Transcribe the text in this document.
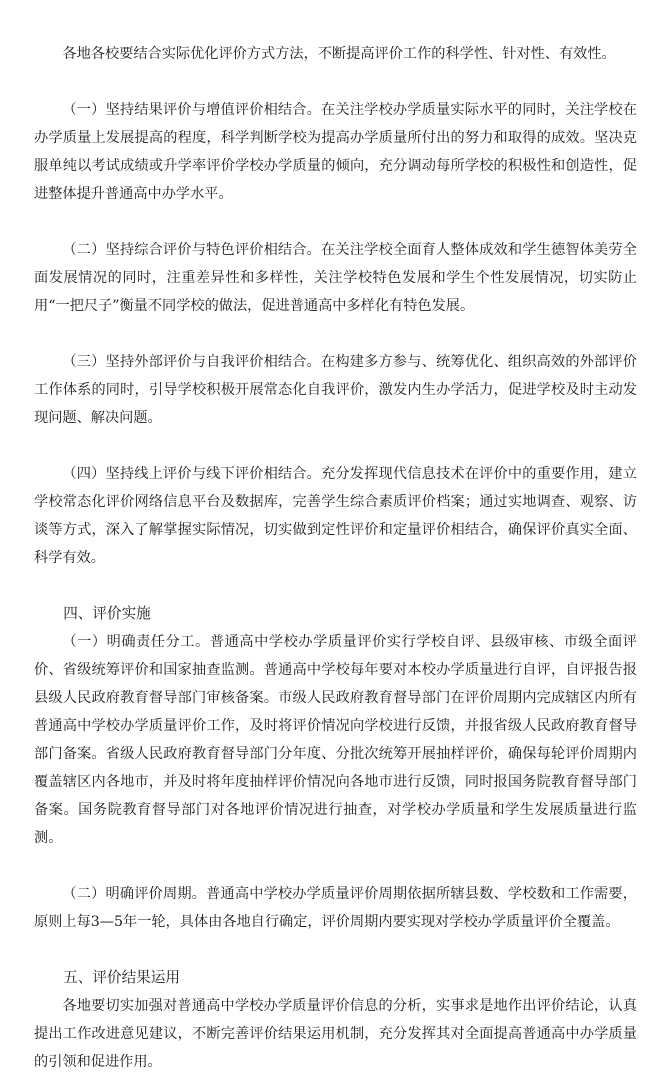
各地各校要结合实际优化评价方式方法，不断提高评价工作的科学性、针对性、有效性。

（一）坚持结果评价与增值评价相结合。在关注学校办学质量实际水平的同时，关注学校在办学质量上发展提高的程度，科学判断学校为提高办学质量所付出的努力和取得的成效。坚决克服单纯以考试成绩或升学率评价学校办学质量的倾向，充分调动每所学校的积极性和创造性，促进整体提升普通高中办学水平。

（二）坚持综合评价与特色评价相结合。在关注学校全面育人整体成效和学生德智体美劳全面发展情况的同时，注重差异性和多样性，关注学校特色发展和学生个性发展情况，切实防止用“一把尺子”衡量不同学校的做法，促进普通高中多样化有特色发展。

（三）坚持外部评价与自我评价相结合。在构建多方参与、统筹优化、组织高效的外部评价工作体系的同时，引导学校积极开展常态化自我评价，激发内生办学活力，促进学校及时主动发现问题、解决问题。

（四）坚持线上评价与线下评价相结合。充分发挥现代信息技术在评价中的重要作用，建立学校常态化评价网络信息平台及数据库，完善学生综合素质评价档案；通过实地调查、观察、访谈等方式，深入了解掌握实际情况，切实做到定性评价和定量评价相结合，确保评价真实全面、科学有效。

四、评价实施

（一）明确责任分工。普通高中学校办学质量评价实行学校自评、县级审核、市级全面评价、省级统筹评价和国家抽查监测。普通高中学校每年要对本校办学质量进行自评，自评报告报县级人民政府教育督导部门审核备案。市级人民政府教育督导部门在评价周期内完成辖区内所有普通高中学校办学质量评价工作，及时将评价情况向学校进行反馈，并报省级人民政府教育督导部门备案。省级人民政府教育督导部门分年度、分批次统筹开展抽样评价，确保每轮评价周期内覆盖辖区内各地市，并及时将年度抽样评价情况向各地市进行反馈，同时报国务院教育督导部门备案。国务院教育督导部门对各地评价情况进行抽查，对学校办学质量和学生发展质量进行监测。

（二）明确评价周期。普通高中学校办学质量评价周期依据所辖县数、学校数和工作需要，原则上每3—5年一轮，具体由各地自行确定，评价周期内要实现对学校办学质量评价全覆盖。

五、评价结果运用

各地要切实加强对普通高中学校办学质量评价信息的分析，实事求是地作出评价结论，认真提出工作改进意见建议，不断完善评价结果运用机制，充分发挥其对全面提高普通高中办学质量的引领和促进作用。
